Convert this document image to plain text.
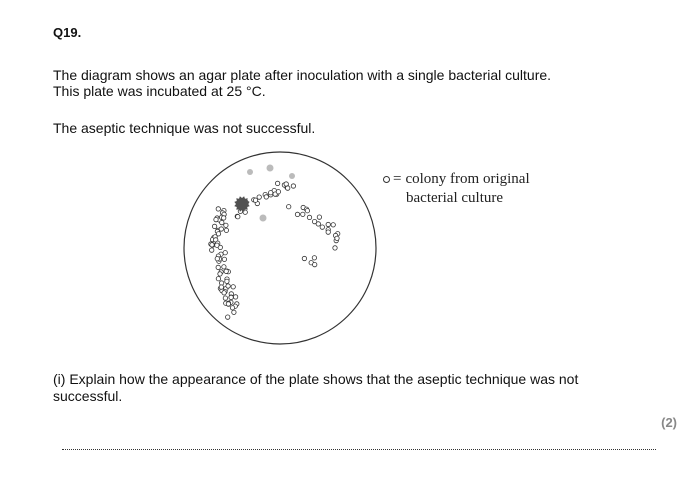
Q19.
The diagram shows an agar plate after inoculation with a single bacterial culture.
This plate was incubated at 25 °C.
The aseptic technique was not successful.
= colony from original
bacterial culture
(i) Explain how the appearance of the plate shows that the aseptic technique was not
successful.
(2)
